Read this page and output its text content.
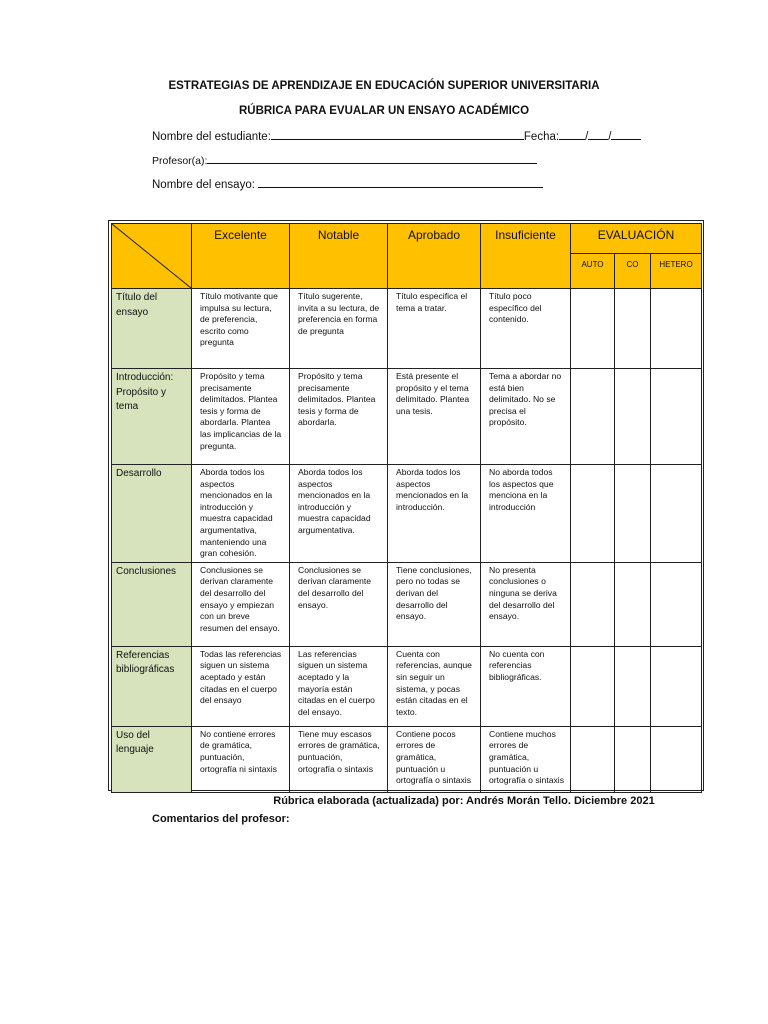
ESTRATEGIAS DE APRENDIZAJE EN EDUCACIÓN SUPERIOR UNIVERSITARIA
RÚBRICA PARA EVUALAR UN ENSAYO ACADÉMICO
Nombre del estudiante:	Fecha: / /
Profesor(a):
Nombre del ensayo:
	Excelente	Notable	Aprobado	Insuficiente	EVALUACIÓN		
					AUTO	CO	HETERO
Título del ensayo	Título motivante que impulsa su lectura, de preferencia, escrito como pregunta	Título sugerente, invita a su lectura, de preferencia en forma de pregunta	Título especifica el tema a tratar.	Título poco específico del contenido.			
Introducción: Propósito y tema	Propósito y tema precisamente delimitados. Plantea tesis y forma de abordarla. Plantea las implicancias de la pregunta.	Propósito y tema precisamente delimitados. Plantea tesis y forma de abordarla.	Está presente el propósito y el tema delimitado. Plantea una tesis.	Tema a abordar no está bien delimitado. No se precisa el propósito.			
Desarrollo	Aborda todos los aspectos mencionados en la introducción y muestra capacidad argumentativa, manteniendo una gran cohesión.	Aborda todos los aspectos mencionados en la introducción y muestra capacidad argumentativa.	Aborda todos los aspectos mencionados en la introducción.	No aborda todos los aspectos que menciona en la introducción			
Conclusiones	Conclusiones se derivan claramente del desarrollo del ensayo y empiezan con un breve resumen del ensayo.	Conclusiones se derivan claramente del desarrollo del ensayo.	Tiene conclusiones, pero no todas se derivan del desarrollo del ensayo.	No presenta conclusiones o ninguna se deriva del desarrollo del ensayo.			
Referencias bibliográficas	Todas las referencias siguen un sistema aceptado y están citadas en el cuerpo del ensayo	Las referencias siguen un sistema aceptado y la mayoría están citadas en el cuerpo del ensayo.	Cuenta con referencias, aunque sin seguir un sistema, y pocas están citadas en el texto.	No cuenta con referencias bibliográficas.			
Uso del lenguaje	No contiene errores de gramática, puntuación, ortografía ni sintaxis	Tiene muy escasos errores de gramática, puntuación, ortografía o sintaxis	Contiene pocos errores de gramática, puntuación u ortografía o sintaxis	Contiene muchos errores de gramática, puntuación u ortografía o sintaxis			
Rúbrica elaborada (actualizada) por: Andrés Morán Tello. Diciembre 2021
Comentarios del profesor:
